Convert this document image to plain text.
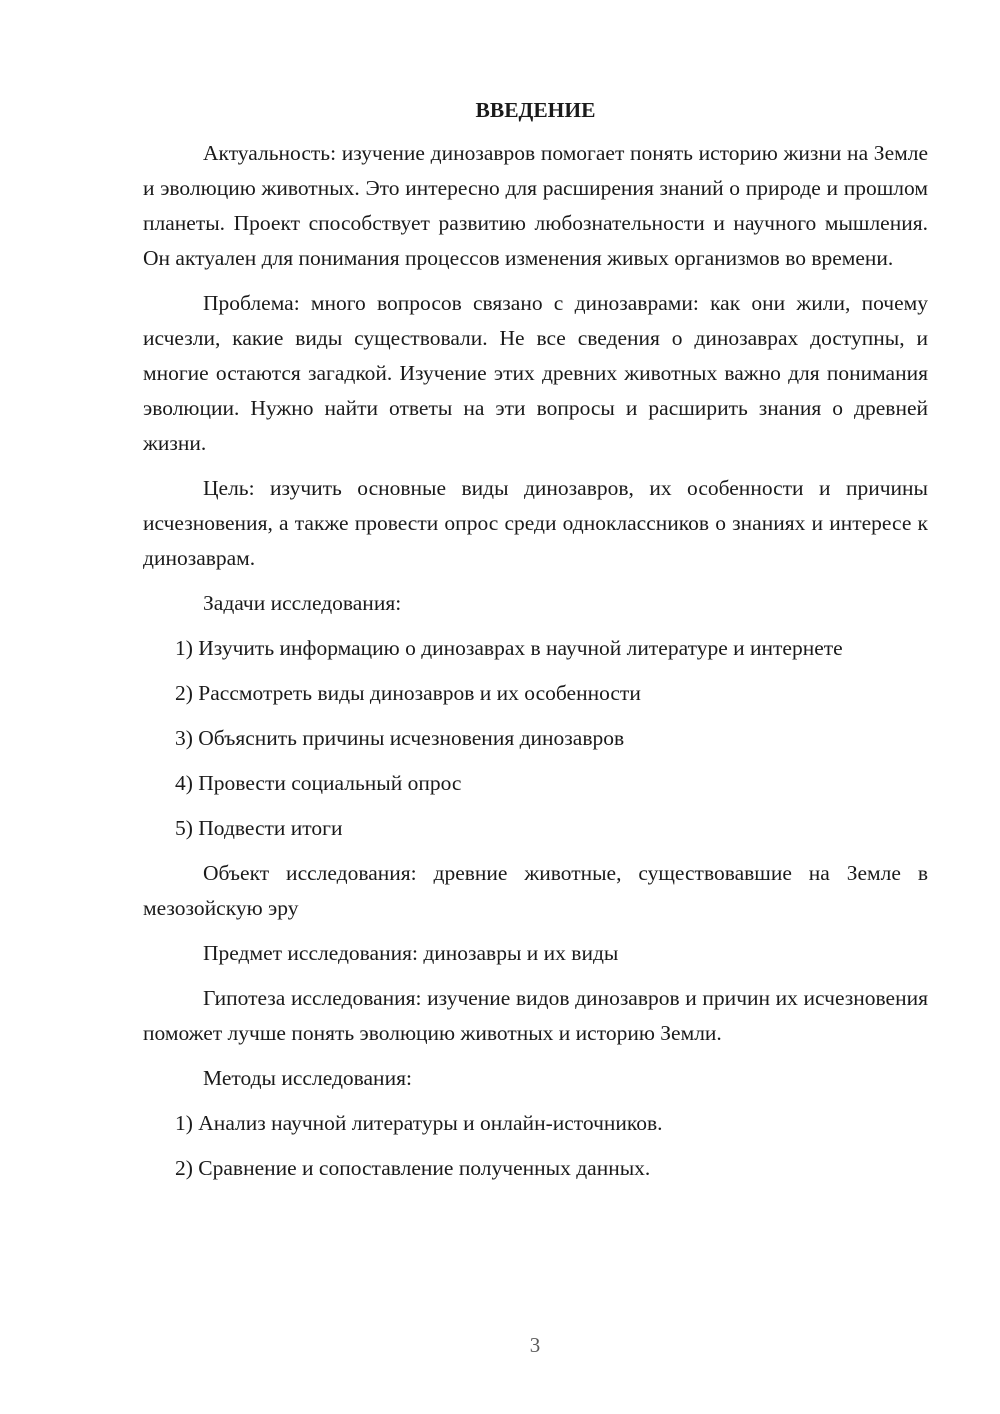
ВВЕДЕНИЕ

Актуальность: изучение динозавров помогает понять историю жизни на Земле и эволюцию животных. Это интересно для расширения знаний о природе и прошлом планеты. Проект способствует развитию любознательности и научного мышления. Он актуален для понимания процессов изменения живых организмов во времени.

Проблема: много вопросов связано с динозаврами: как они жили, почему исчезли, какие виды существовали. Не все сведения о динозаврах доступны, и многие остаются загадкой. Изучение этих древних животных важно для понимания эволюции. Нужно найти ответы на эти вопросы и расширить знания о древней жизни.

Цель: изучить основные виды динозавров, их особенности и причины исчезновения, а также провести опрос среди одноклассников о знаниях и интересе к динозаврам.

Задачи исследования:

1) Изучить информацию о динозаврах в научной литературе и интернете

2) Рассмотреть виды динозавров и их особенности

3) Объяснить причины исчезновения динозавров

4) Провести социальный опрос

5) Подвести итоги

Объект исследования: древние животные, существовавшие на Земле в мезозойскую эру

Предмет исследования: динозавры и их виды

Гипотеза исследования: изучение видов динозавров и причин их исчезновения поможет лучше понять эволюцию животных и историю Земли.

Методы исследования:

1) Анализ научной литературы и онлайн-источников.

2) Сравнение и сопоставление полученных данных.

3
